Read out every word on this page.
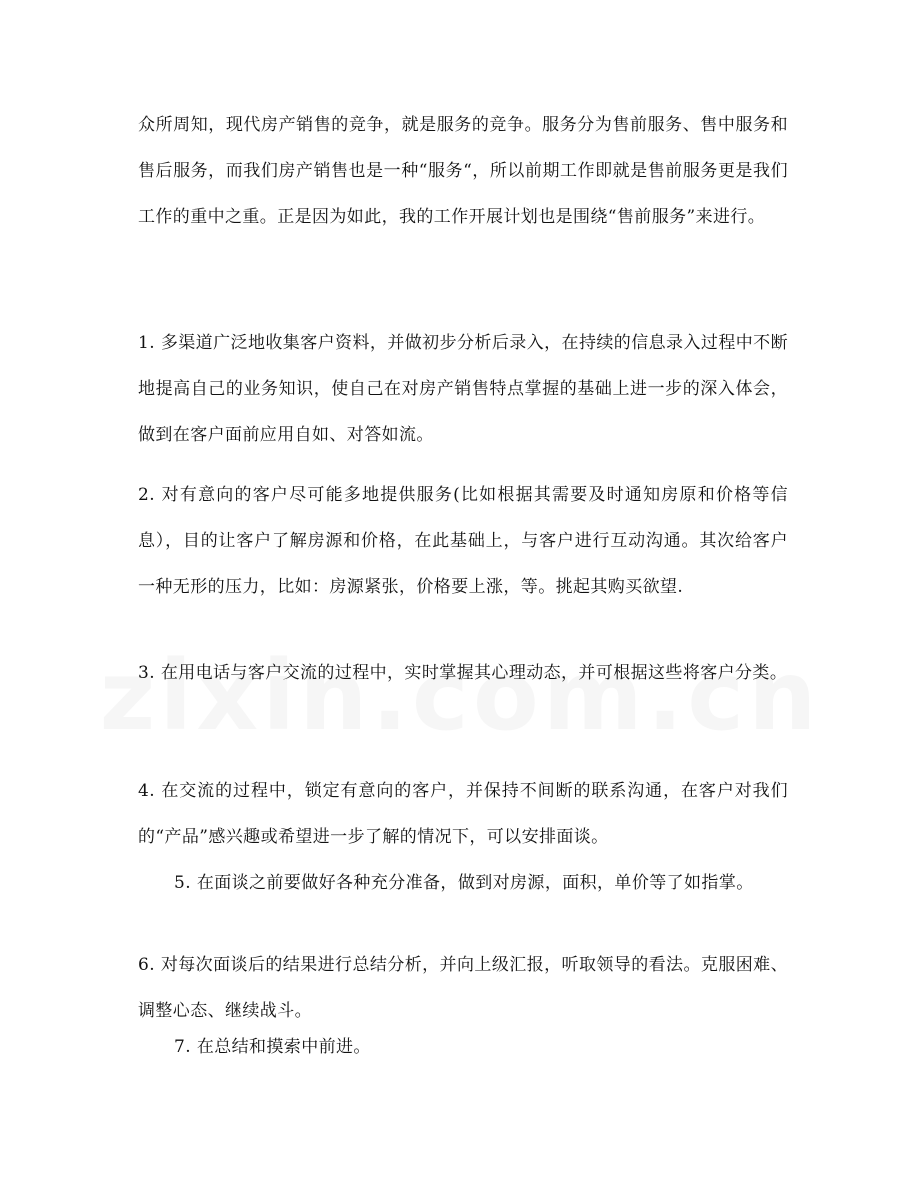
众所周知，现代房产销售的竞争，就是服务的竞争。服务分为售前服务、售中服务和售后服务，而我们房产销售也是一种“服务“，所以前期工作即就是售前服务更是我们工作的重中之重。正是因为如此，我的工作开展计划也是围绕“售前服务”来进行。

1. 多渠道广泛地收集客户资料，并做初步分析后录入，在持续的信息录入过程中不断地提高自己的业务知识，使自己在对房产销售特点掌握的基础上进一步的深入体会，做到在客户面前应用自如、对答如流。

2. 对有意向的客户尽可能多地提供服务(比如根据其需要及时通知房原和价格等信息），目的让客户了解房源和价格，在此基础上，与客户进行互动沟通。其次给客户一种无形的压力，比如：房源紧张，价格要上涨，等。挑起其购买欲望.

3. 在用电话与客户交流的过程中，实时掌握其心理动态，并可根据这些将客户分类。

4. 在交流的过程中，锁定有意向的客户，并保持不间断的联系沟通，在客户对我们的“产品”感兴趣或希望进一步了解的情况下，可以安排面谈。

5. 在面谈之前要做好各种充分准备，做到对房源，面积，单价等了如指掌。

6. 对每次面谈后的结果进行总结分析，并向上级汇报，听取领导的看法。克服困难、调整心态、继续战斗。

7. 在总结和摸索中前进。
